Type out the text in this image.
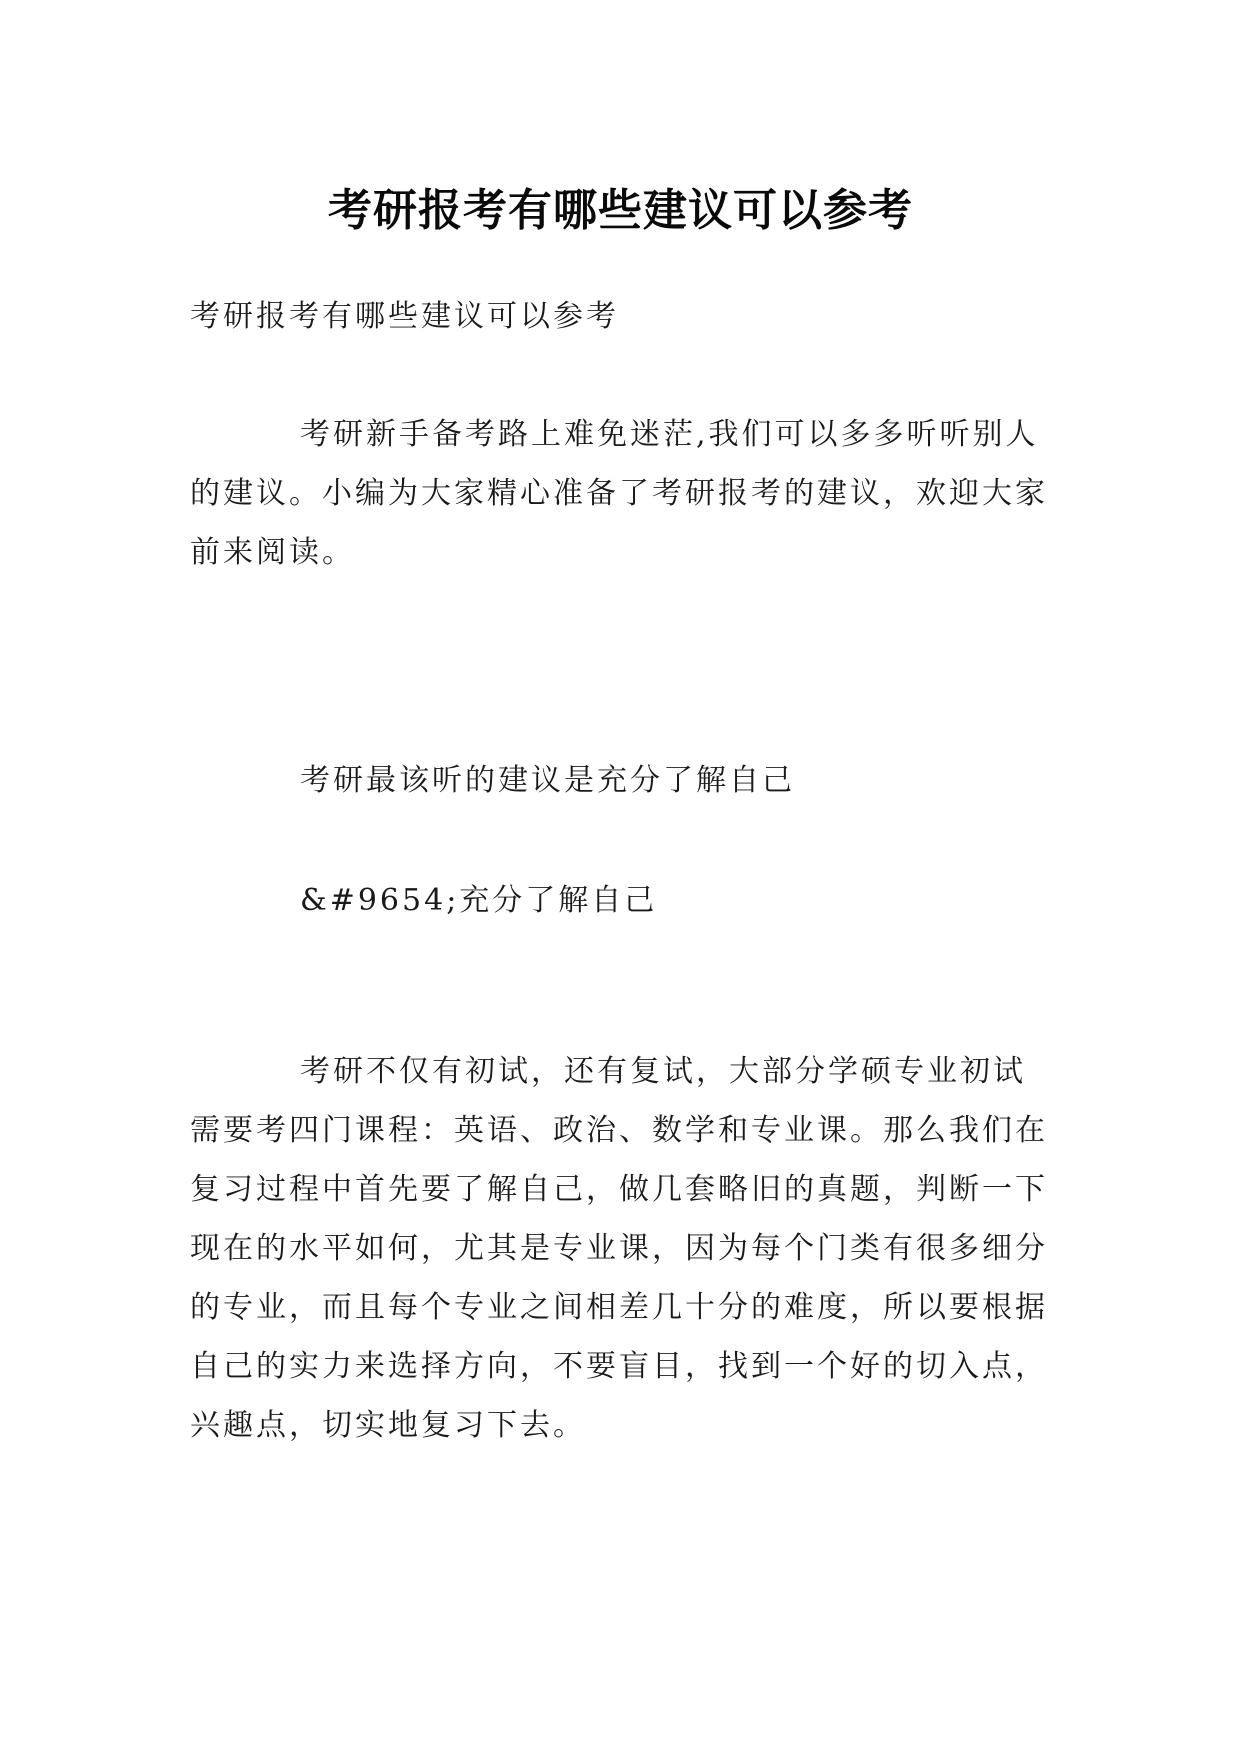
考研报考有哪些建议可以参考

考研报考有哪些建议可以参考

考研新手备考路上难免迷茫,我们可以多多听听别人的建议。小编为大家精心准备了考研报考的建议，欢迎大家前来阅读。

考研最该听的建议是充分了解自己

&#9654;充分了解自己

考研不仅有初试，还有复试，大部分学硕专业初试需要考四门课程：英语、政治、数学和专业课。那么我们在复习过程中首先要了解自己，做几套略旧的真题，判断一下现在的水平如何，尤其是专业课，因为每个门类有很多细分的专业，而且每个专业之间相差几十分的难度，所以要根据自己的实力来选择方向，不要盲目，找到一个好的切入点，兴趣点，切实地复习下去。
